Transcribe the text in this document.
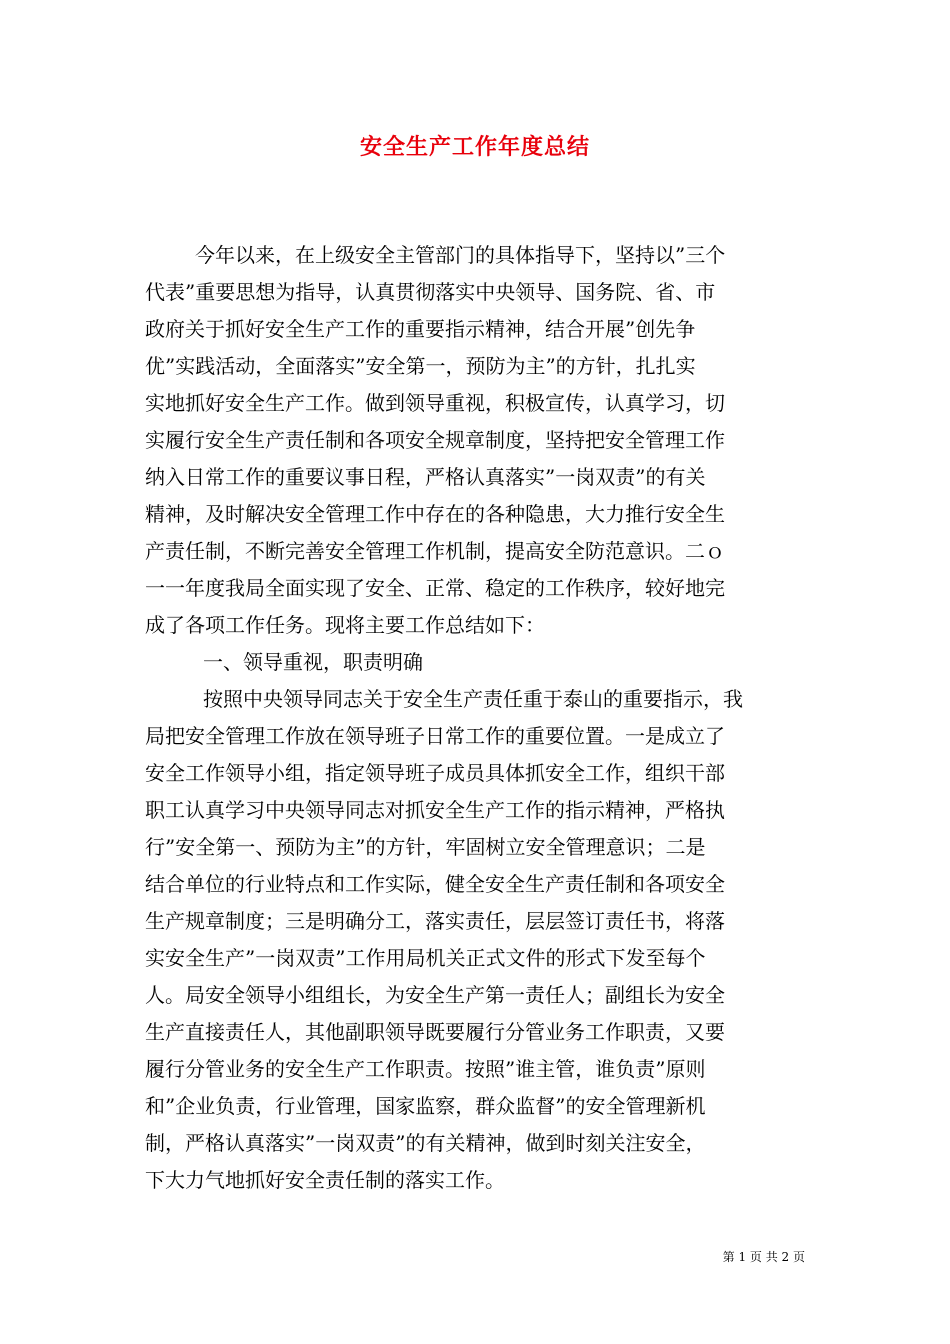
安全生产工作年度总结
今年以来，在上级安全主管部门的具体指导下，坚持以”三个
代表”重要思想为指导，认真贯彻落实中央领导、国务院、省、市
政府关于抓好安全生产工作的重要指示精神，结合开展”创先争
优”实践活动，全面落实”安全第一，预防为主”的方针，扎扎实
实地抓好安全生产工作。做到领导重视，积极宣传，认真学习，切
实履行安全生产责任制和各项安全规章制度，坚持把安全管理工作
纳入日常工作的重要议事日程，严格认真落实”一岗双责”的有关
精神，及时解决安全管理工作中存在的各种隐患，大力推行安全生
产责任制，不断完善安全管理工作机制，提高安全防范意识。二ｏ
一一年度我局全面实现了安全、正常、稳定的工作秩序，较好地完
成了各项工作任务。现将主要工作总结如下：
一、领导重视，职责明确
按照中央领导同志关于安全生产责任重于泰山的重要指示，我
局把安全管理工作放在领导班子日常工作的重要位置。一是成立了
安全工作领导小组，指定领导班子成员具体抓安全工作，组织干部
职工认真学习中央领导同志对抓安全生产工作的指示精神，严格执
行”安全第一、预防为主”的方针，牢固树立安全管理意识；二是
结合单位的行业特点和工作实际，健全安全生产责任制和各项安全
生产规章制度；三是明确分工，落实责任，层层签订责任书，将落
实安全生产”一岗双责”工作用局机关正式文件的形式下发至每个
人。局安全领导小组组长，为安全生产第一责任人；副组长为安全
生产直接责任人，其他副职领导既要履行分管业务工作职责，又要
履行分管业务的安全生产工作职责。按照”谁主管，谁负责”原则
和”企业负责，行业管理，国家监察，群众监督”的安全管理新机
制，严格认真落实”一岗双责”的有关精神，做到时刻关注安全，
下大力气地抓好安全责任制的落实工作。
第 1 页 共 2 页
